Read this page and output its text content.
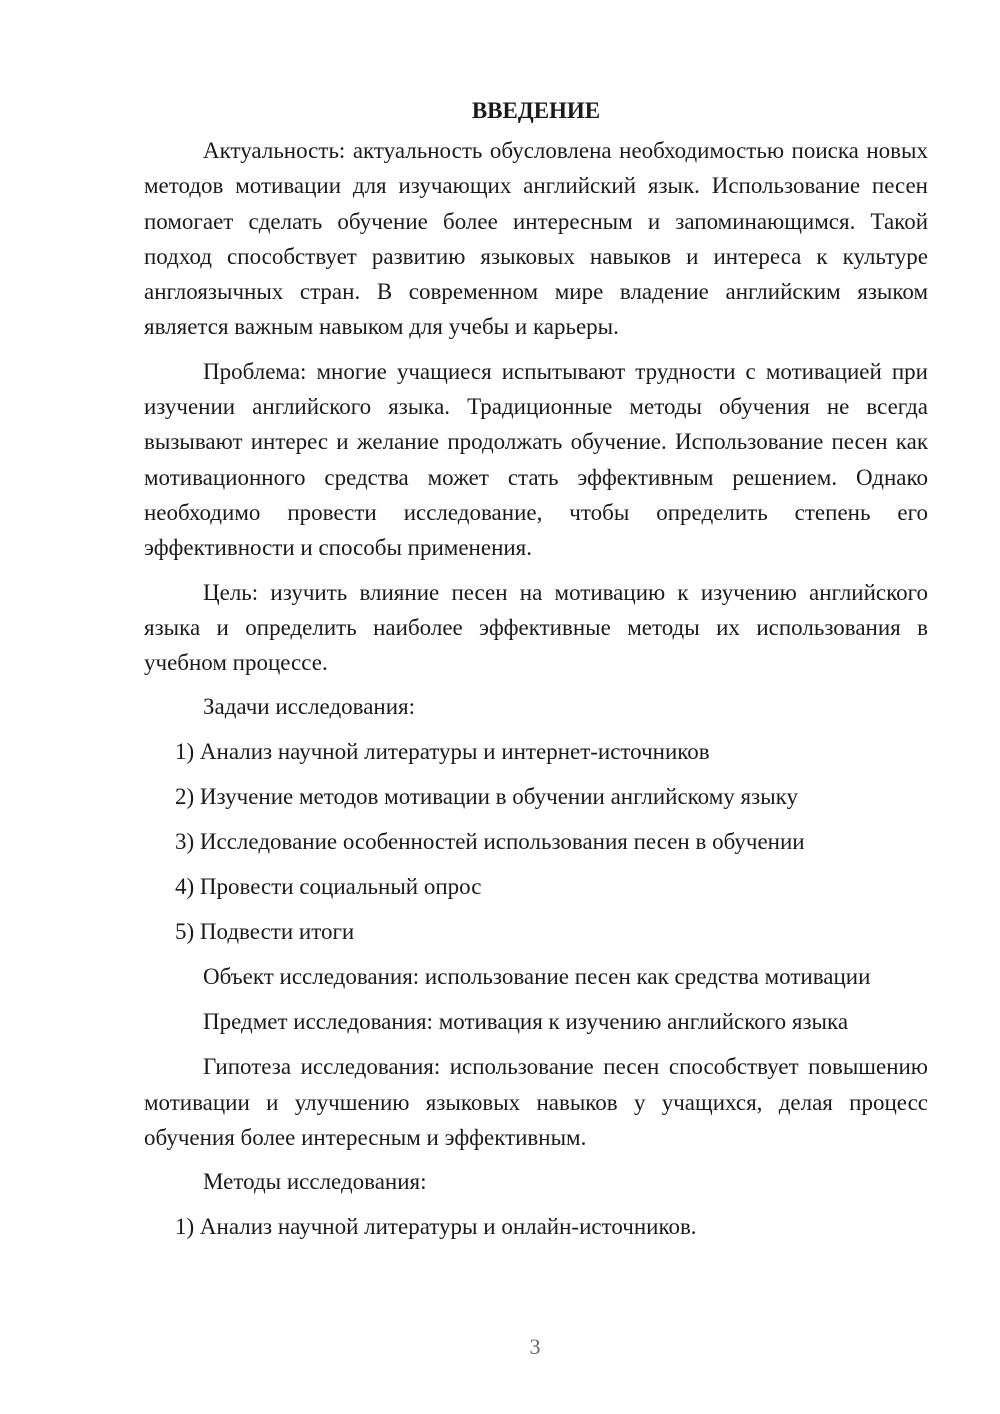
ВВЕДЕНИЕ

Актуальность: актуальность обусловлена необходимостью поиска новых методов мотивации для изучающих английский язык. Использование песен помогает сделать обучение более интересным и запоминающимся. Такой подход способствует развитию языковых навыков и интереса к культуре англоязычных стран. В современном мире владение английским языком является важным навыком для учебы и карьеры.

Проблема: многие учащиеся испытывают трудности с мотивацией при изучении английского языка. Традиционные методы обучения не всегда вызывают интерес и желание продолжать обучение. Использование песен как мотивационного средства может стать эффективным решением. Однако необходимо провести исследование, чтобы определить степень его эффективности и способы применения.

Цель: изучить влияние песен на мотивацию к изучению английского языка и определить наиболее эффективные методы их использования в учебном процессе.

Задачи исследования:
1) Анализ научной литературы и интернет-источников
2) Изучение методов мотивации в обучении английскому языку
3) Исследование особенностей использования песен в обучении
4) Провести социальный опрос
5) Подвести итоги
Объект исследования: использование песен как средства мотивации
Предмет исследования: мотивация к изучению английского языка

Гипотеза исследования: использование песен способствует повышению мотивации и улучшению языковых навыков у учащихся, делая процесс обучения более интересным и эффективным.

Методы исследования:
1) Анализ научной литературы и онлайн-источников.
3
